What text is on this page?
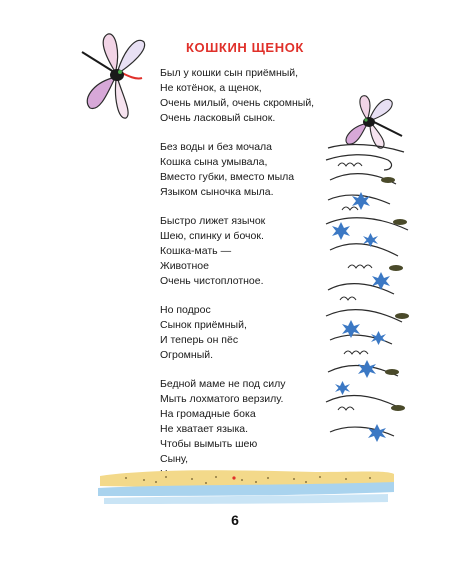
КОШКИН ЩЕНОК
Был у кошки сын приёмный,
Не котёнок, а щенок,
Очень милый, очень скромный,
Очень ласковый сынок.
Без воды и без мочала
Кошка сына умывала,
Вместо губки, вместо мыла
Языком сыночка мыла.
Быстро лижет язычок
Шею, спинку и бочок.
Кошка-мать —
Животное
Очень чистоплотное.
Но подрос
Сынок приёмный,
И теперь он пёс
Огромный.
Бедной маме не под силу
Мыть лохматого верзилу.
На громадные бока
Не хватает языка.
Чтобы вымыть шею
Сыну,
6
